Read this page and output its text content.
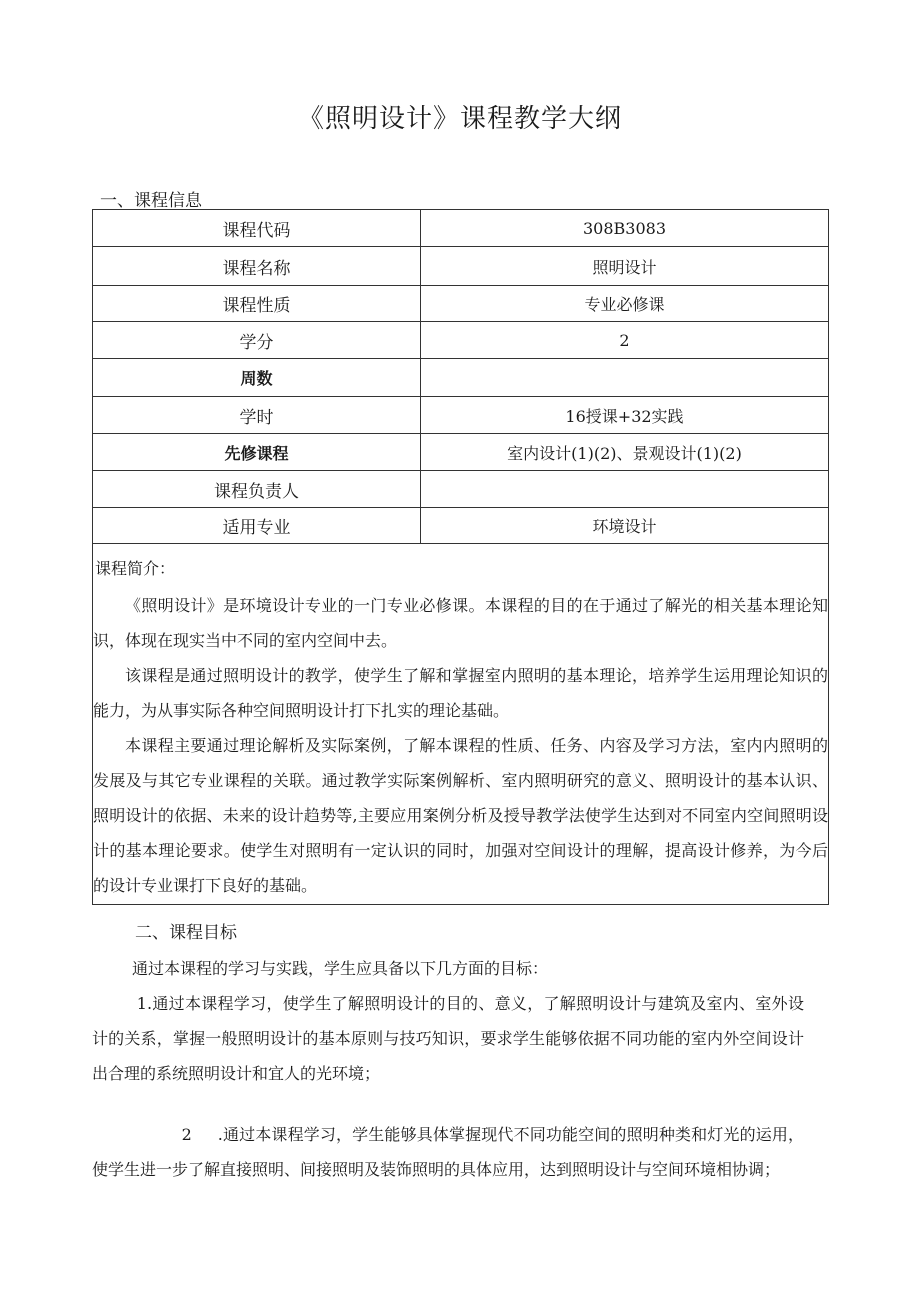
《照明设计》课程教学大纲
一、课程信息
课程代码	308B3083
课程名称	照明设计
课程性质	专业必修课
学分	2
周数	
学时	16授课+32实践
先修课程	室内设计(1)(2)、景观设计(1)(2)
课程负责人	
适用专业	环境设计
课程简介：
《照明设计》是环境设计专业的一门专业必修课。本课程的目的在于通过了解光的相关基本理论知识，体现在现实当中不同的室内空间中去。
该课程是通过照明设计的教学，使学生了解和掌握室内照明的基本理论，培养学生运用理论知识的能力，为从事实际各种空间照明设计打下扎实的理论基础。
本课程主要通过理论解析及实际案例，了解本课程的性质、任务、内容及学习方法，室内内照明的发展及与其它专业课程的关联。通过教学实际案例解析、室内照明研究的意义、照明设计的基本认识、照明设计的依据、未来的设计趋势等,主要应用案例分析及授导教学法使学生达到对不同室内空间照明设计的基本理论要求。使学生对照明有一定认识的同时，加强对空间设计的理解，提高设计修养，为今后的设计专业课打下良好的基础。
二、课程目标
通过本课程的学习与实践，学生应具备以下几方面的目标：
1.通过本课程学习，使学生了解照明设计的目的、意义，了解照明设计与建筑及室内、室外设计的关系，掌握一般照明设计的基本原则与技巧知识，要求学生能够依据不同功能的室内外空间设计出合理的系统照明设计和宜人的光环境；
2 .通过本课程学习，学生能够具体掌握现代不同功能空间的照明种类和灯光的运用，使学生进一步了解直接照明、间接照明及装饰照明的具体应用，达到照明设计与空间环境相协调；
